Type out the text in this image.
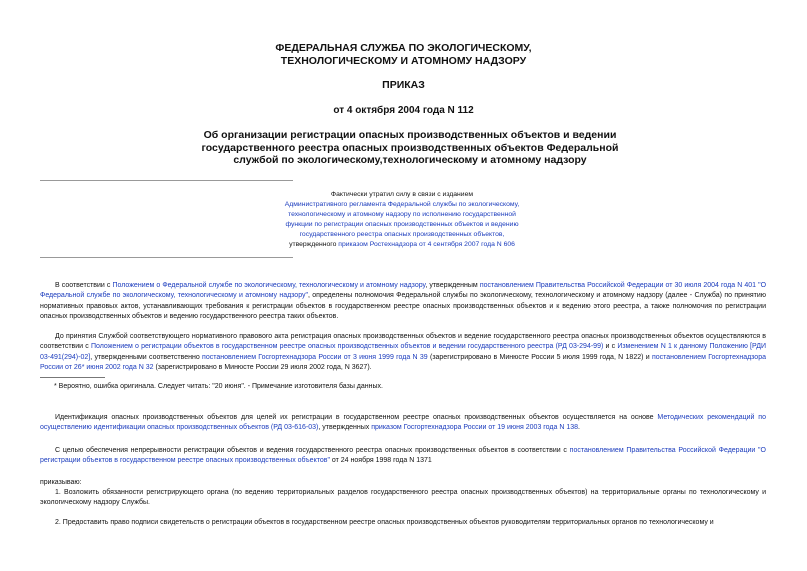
ФЕДЕРАЛЬНАЯ СЛУЖБА ПО ЭКОЛОГИЧЕСКОМУ,
ТЕХНОЛОГИЧЕСКОМУ И АТОМНОМУ НАДЗОРУ
ПРИКАЗ
от 4 октября 2004 года N 112
Об организации регистрации опасных производственных объектов и ведении
государственного реестра опасных производственных объектов Федеральной
службой по экологическому,технологическому и атомному надзору
Фактически утратил силу в связи с изданием
Административного регламента Федеральной службы по экологическому,
технологическому и атомному надзору по исполнению государственной
функции по регистрации опасных производственных объектов и ведению
государственного реестра опасных производственных объектов,
утвержденного приказом Ростехнадзора от 4 сентября 2007 года N 606
В соответствии с Положением о Федеральной службе по экологическому, технологическому и атомному надзору, утвержденным постановлением Правительства Российской Федерации от 30 июля 2004 года N 401 "О Федеральной службе по экологическому, технологическому и атомному надзору", определены полномочия Федеральной службы по экологическому, технологическому и атомному надзору (далее - Служба) по принятию нормативных правовых актов, устанавливающих требования к регистрации объектов в государственном реестре опасных производственных объектов и к ведению этого реестра, а также полномочия по регистрации опасных производственных объектов и ведению государственного реестра таких объектов.
До принятия Службой соответствующего нормативного правового акта регистрация опасных производственных объектов и ведение государственного реестра опасных производственных объектов осуществляются в соответствии с Положением о регистрации объектов в государственном реестре опасных производственных объектов и ведении государственного реестра (РД 03-294-99) и с Изменением N 1 к данному Положению [РДИ 03-491(294)-02], утвержденными соответственно постановлением Госгортехнадзора России от 3 июня 1999 года N 39 (зарегистрировано в Минюсте России 5 июля 1999 года, N 1822) и постановлением Госгортехнадзора России от 26* июня 2002 года N 32 (зарегистрировано в Минюсте России 29 июля 2002 года, N 3627).
* Вероятно, ошибка оригинала. Следует читать: "20 июня". - Примечание изготовителя базы данных.
Идентификация опасных производственных объектов для целей их регистрации в государственном реестре опасных производственных объектов осуществляется на основе Методических рекомендаций по осуществлению идентификации опасных производственных объектов (РД 03-616-03), утвержденных приказом Госгортехнадзора России от 19 июня 2003 года N 138.
С целью обеспечения непрерывности регистрации объектов и ведения государственного реестра опасных производственных объектов в соответствии с постановлением Правительства Российской Федерации "О регистрации объектов в государственном реестре опасных производственных объектов" от 24 ноября 1998 года N 1371
приказываю:
1. Возложить обязанности регистрирующего органа (по ведению территориальных разделов государственного реестра опасных производственных объектов) на территориальные органы по технологическому и экологическому надзору Службы.
2. Предоставить право подписи свидетельств о регистрации объектов в государственном реестре опасных производственных объектов руководителям территориальных органов по технологическому и
